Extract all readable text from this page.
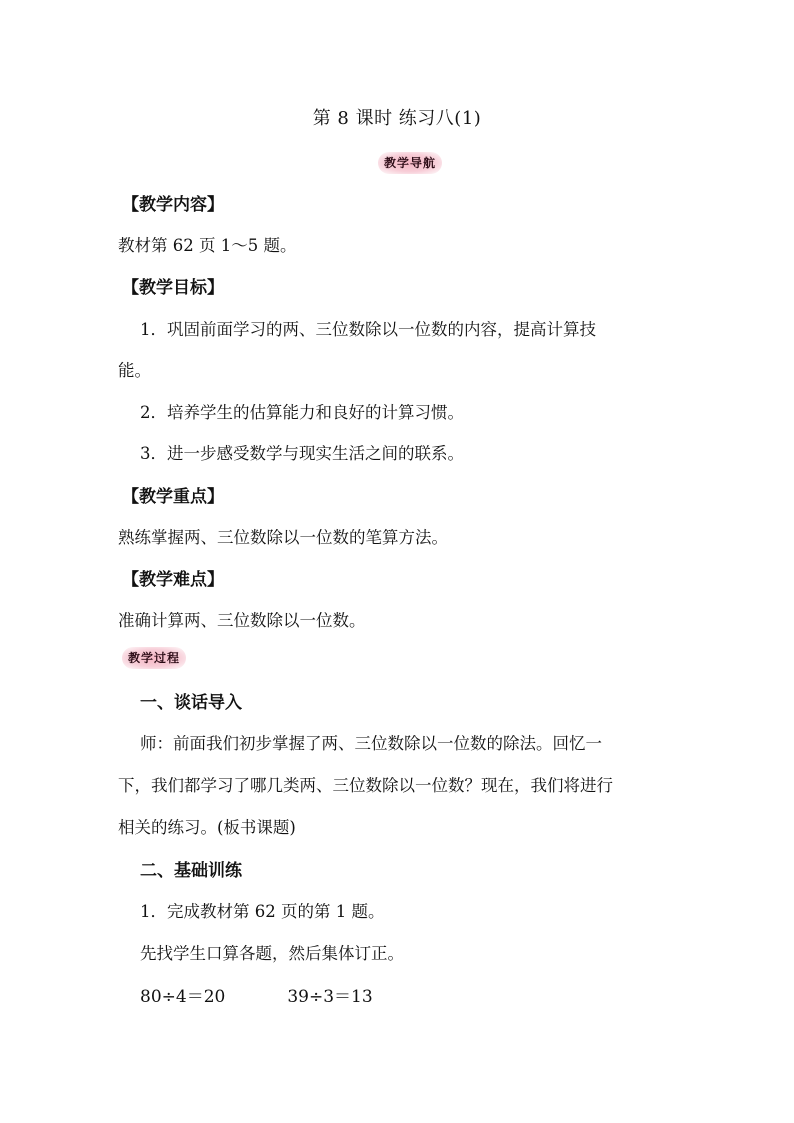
第 8 课时 练习八(1)
教学导航
【教学内容】
教材第 62 页 1～5 题。
【教学目标】
1．巩固前面学习的两、三位数除以一位数的内容，提高计算技
能。
2．培养学生的估算能力和良好的计算习惯。
3．进一步感受数学与现实生活之间的联系。
【教学重点】
熟练掌握两、三位数除以一位数的笔算方法。
【教学难点】
准确计算两、三位数除以一位数。
教学过程
一、谈话导入
师：前面我们初步掌握了两、三位数除以一位数的除法。回忆一
下，我们都学习了哪几类两、三位数除以一位数？现在，我们将进行
相关的练习。(板书课题)
二、基础训练
1．完成教材第 62 页的第 1 题。
先找学生口算各题，然后集体订正。
80÷4＝20	39÷3＝13
